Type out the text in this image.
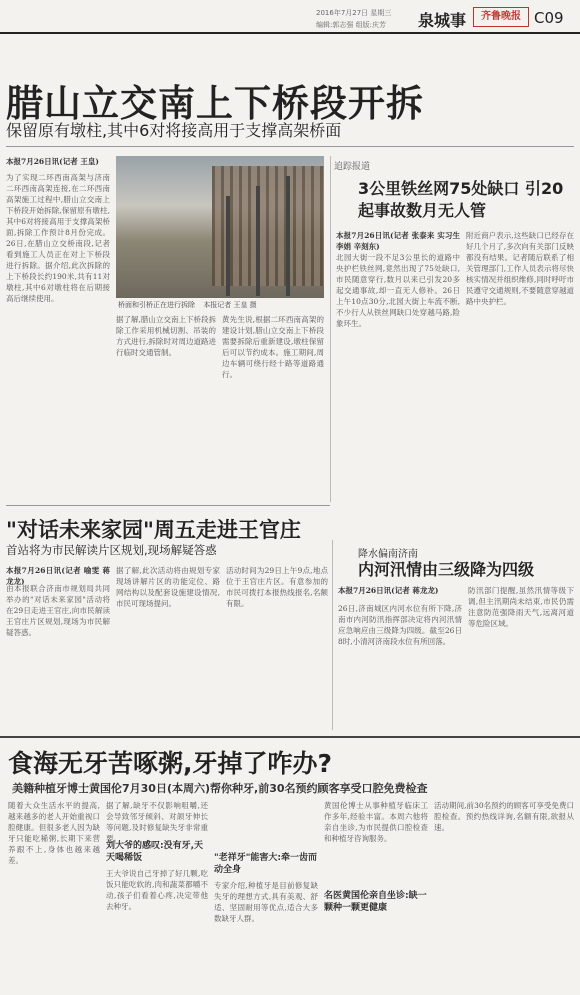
2016年7月27日 星期三
编辑:郭志强 组版:庆芳 泉城事	齐鲁晚报 C09
腊山立交南上下桥段开拆
保留原有墩柱,其中6对将接高用于支撑高架桥面
本报7月26日讯(记者 王皇)
为了实现二环西南高架与济南 二环西南高架连接,在二环西南高架施工过程中,腊山立交南上下桥段开始拆除,保留原有墩柱,其中6对将接高用于支撑高架桥面,拆除工作预计8月份完成。26日,在腊山立交桥南段,记者看到施工人员正在对上下桥段进行拆除。据介绍,此次拆除的上下桥段长约190米,共有11对墩柱,其中6对墩柱将在后期接高后继续使用。
桥面和引桥正在进行拆除 本报记者 王皇 摄
据了解,腊山立交南上下桥段拆除工作采用机械切割、吊装的方式进行,拆除时对周边道路进行临时交通管制。
黄先生说,根据二环西南高架的建设计划,腊山立交南上下桥段需要拆除后重新建设,墩柱保留后可以节约成本。施工期间,周边车辆可绕行经十路等道路通行。
追踪报道
3公里铁丝网75处缺口 引20起事故数月无人管
本报7月26日讯(记者 张泰来 实习生 李娟 辛刻东)
北园大街一段不足3公里长的道路中央护栏铁丝网,竟然出现了75处缺口,市民随意穿行,数月以来已引发20多起交通事故,却一直无人修补。26日上午10点30分,北园大街上车流不断,不少行人从铁丝网缺口处穿越马路,险象环生。
附近商户表示,这些缺口已经存在好几个月了,多次向有关部门反映都没有结果。记者随后联系了相关管理部门,工作人员表示将尽快核实情况并组织维修,同时呼吁市民遵守交通规则,不要随意穿越道路中央护栏。
"对话未来家园"周五走进王官庄
首站将为市民解读片区规划,现场解疑答惑
本报7月26日讯(记者 喻雯 蒋龙龙)
由本报联合济南市规划局共同举办的"对话未来家园"活动将在29日走进王官庄,向市民解读王官庄片区规划,现场为市民解疑答惑。
据了解,此次活动将由规划专家现场讲解片区的功能定位、路网结构以及配套设施建设情况,市民可现场提问。
活动时间为29日上午9点,地点位于王官庄片区。有意参加的市民可拨打本报热线报名,名额有限。
降水偏南济南
内河汛情由三级降为四级
本报7月26日讯(记者 蒋龙龙)
26日,济南城区内河水位有所下降,济南市内河防汛指挥部决定将内河汛情应急响应由三级降为四级。截至26日8时,小清河济南段水位有所回落。
防汛部门提醒,虽然汛情等级下调,但主汛期尚未结束,市民仍需注意防范强降雨天气,远离河道等危险区域。
食海无牙苦啄粥,牙掉了咋办?
美籍种植牙博士黄国伦7月30日(本周六)帮你种牙,前30名预约顾客享受口腔免费检查
随着大众生活水平的提高,越来越多的老人开始重视口腔健康。但很多老人因为缺牙只能吃稀粥,长期下来营养跟不上,身体也越来越差。
据了解,缺牙不仅影响咀嚼,还会导致邻牙倾斜、对颌牙伸长等问题,及时修复缺失牙非常重要。
刘大爷的感叹:没有牙,天天喝稀饭
王大爷说自己牙掉了好几颗,吃饭只能吃软的,肉和蔬菜都嚼不动,孩子们看着心疼,决定带他去种牙。
"老祥牙"能害大:牵一齿而动全身
专家介绍,种植牙是目前修复缺失牙的理想方式,具有美观、舒适、坚固耐用等优点,适合大多数缺牙人群。
黄国伦博士从事种植牙临床工作多年,经验丰富。本周六他将亲自坐诊,为市民提供口腔检查和种植牙咨询服务。
名医黄国伦亲自坐诊:缺一颗种一颗更健康
活动期间,前30名预约的顾客可享受免费口腔检查。预约热线详询,名额有限,欲报从速。
